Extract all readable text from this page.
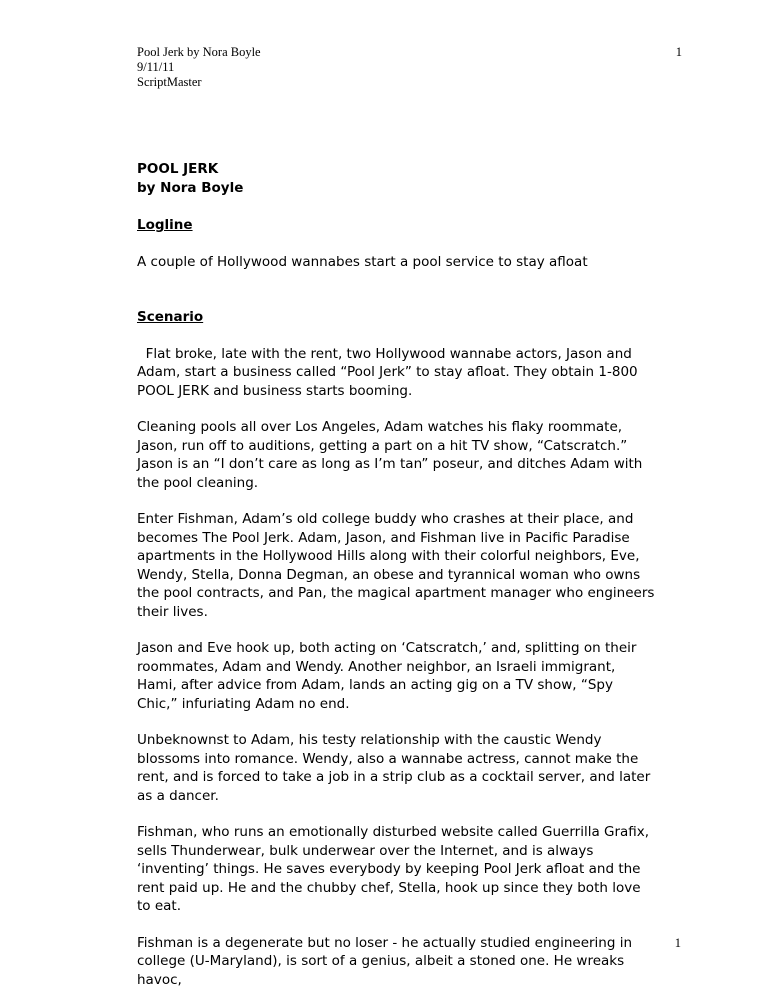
Pool Jerk by Nora Boyle
9/11/11
ScriptMaster
1
POOL JERK
by Nora Boyle
Logline

A couple of Hollywood wannabes start a pool service to stay afloat

Scenario

Flat broke, late with the rent, two Hollywood wannabe actors, Jason and Adam, start a business called “Pool Jerk” to stay afloat. They obtain 1-800 POOL JERK and business starts booming.

Cleaning pools all over Los Angeles, Adam watches his flaky roommate, Jason, run off to auditions, getting a part on a hit TV show, “Catscratch.” Jason is an “I don’t care as long as I’m tan” poseur, and ditches Adam with the pool cleaning.

Enter Fishman, Adam’s old college buddy who crashes at their place, and becomes The Pool Jerk. Adam, Jason, and Fishman live in Pacific Paradise apartments in the Hollywood Hills along with their colorful neighbors, Eve, Wendy, Stella, Donna Degman, an obese and tyrannical woman who owns the pool contracts, and Pan, the magical apartment manager who engineers their lives.

Jason and Eve hook up, both acting on ‘Catscratch,’ and, splitting on their roommates, Adam and Wendy. Another neighbor, an Israeli immigrant, Hami, after advice from Adam, lands an acting gig on a TV show, “Spy Chic,” infuriating Adam no end.

Unbeknownst to Adam, his testy relationship with the caustic Wendy blossoms into romance. Wendy, also a wannabe actress, cannot make the rent, and is forced to take a job in a strip club as a cocktail server, and later as a dancer.

Fishman, who runs an emotionally disturbed website called Guerrilla Grafix, sells Thunderwear, bulk underwear over the Internet, and is always ‘inventing’ things. He saves everybody by keeping Pool Jerk afloat and the rent paid up. He and the chubby chef, Stella, hook up since they both love to eat.

Fishman is a degenerate but no loser - he actually studied engineering in college (U-Maryland), is sort of a genius, albeit a stoned one. He wreaks havoc,

1
